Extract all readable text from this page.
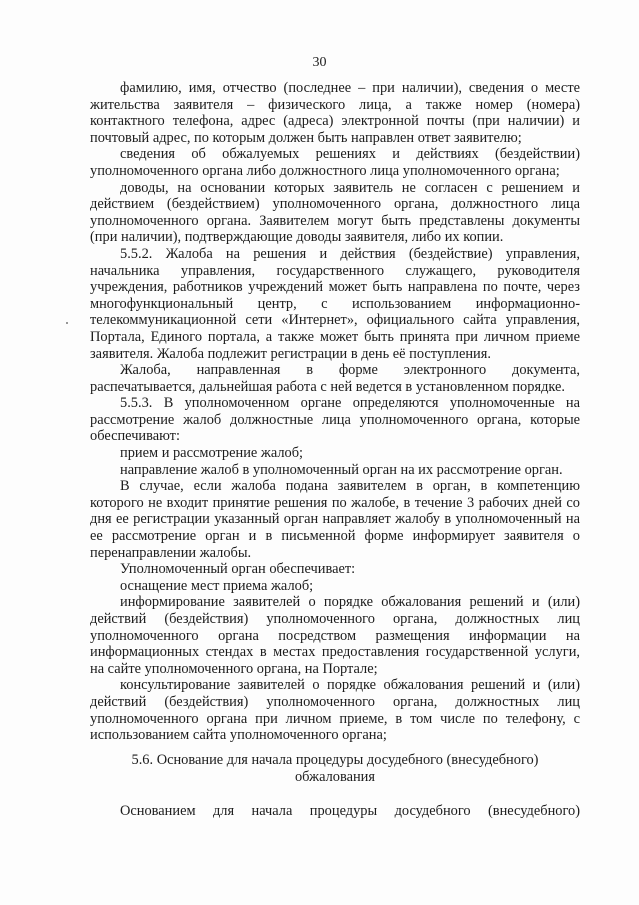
30
фамилию, имя, отчество (последнее – при наличии), сведения о месте
жительства заявителя – физического лица, а также номер (номера)
контактного телефона, адрес (адреса) электронной почты (при наличии) и
почтовый адрес, по которым должен быть направлен ответ заявителю;
сведения об обжалуемых решениях и действиях (бездействии)
уполномоченного органа либо должностного лица уполномоченного органа;
доводы, на основании которых заявитель не согласен с решением и
действием (бездействием) уполномоченного органа, должностного лица
уполномоченного органа. Заявителем могут быть представлены документы
(при наличии), подтверждающие доводы заявителя, либо их копии.
5.5.2. Жалоба на решения и действия (бездействие) управления,
начальника управления, государственного служащего, руководителя
учреждения, работников учреждений может быть направлена по почте, через
многофункциональный центр, с использованием информационно-
телекоммуникационной сети «Интернет», официального сайта управления,
Портала, Единого портала, а также может быть принята при личном приеме
заявителя. Жалоба подлежит регистрации в день её поступления.
Жалоба, направленная в форме электронного документа,
распечатывается, дальнейшая работа с ней ведется в установленном порядке.
5.5.3. В уполномоченном органе определяются уполномоченные на
рассмотрение жалоб должностные лица уполномоченного органа, которые
обеспечивают:
прием и рассмотрение жалоб;
направление жалоб в уполномоченный орган на их рассмотрение орган.
В случае, если жалоба подана заявителем в орган, в компетенцию
которого не входит принятие решения по жалобе, в течение 3 рабочих дней со
дня ее регистрации указанный орган направляет жалобу в уполномоченный на
ее рассмотрение орган и в письменной форме информирует заявителя о
перенаправлении жалобы.
Уполномоченный орган обеспечивает:
оснащение мест приема жалоб;
информирование заявителей о порядке обжалования решений и (или)
действий (бездействия) уполномоченного органа, должностных лиц
уполномоченного органа посредством размещения информации на
информационных стендах в местах предоставления государственной услуги,
на сайте уполномоченного органа, на Портале;
консультирование заявителей о порядке обжалования решений и (или)
действий (бездействия) уполномоченного органа, должностных лиц
уполномоченного органа при личном приеме, в том числе по телефону, с
использованием сайта уполномоченного органа;
5.6. Основание для начала процедуры досудебного (внесудебного)
обжалования
Основанием для начала процедуры досудебного (внесудебного)
